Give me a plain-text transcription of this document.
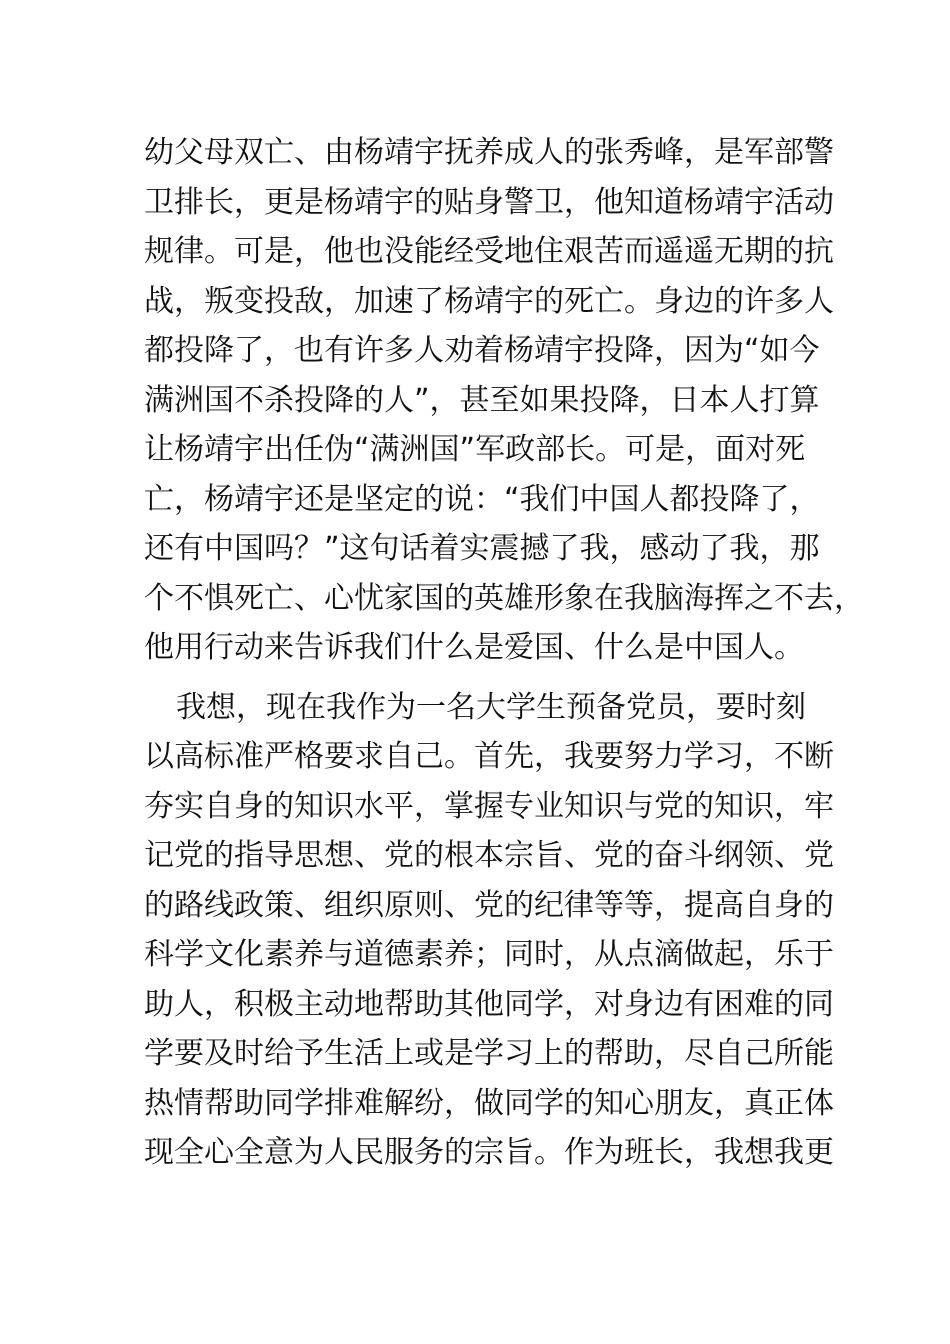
幼父母双亡、由杨靖宇抚养成人的张秀峰，是军部警
卫排长，更是杨靖宇的贴身警卫，他知道杨靖宇活动
规律。可是，他也没能经受地住艰苦而遥遥无期的抗
战，叛变投敌，加速了杨靖宇的死亡。身边的许多人
都投降了，也有许多人劝着杨靖宇投降，因为“如今
满洲国不杀投降的人”，甚至如果投降，日本人打算
让杨靖宇出任伪“满洲国”军政部长。可是，面对死
亡，杨靖宇还是坚定的说：“我们中国人都投降了，
还有中国吗？”这句话着实震撼了我，感动了我，那
个不惧死亡、心忧家国的英雄形象在我脑海挥之不去，
他用行动来告诉我们什么是爱国、什么是中国人。
我想，现在我作为一名大学生预备党员，要时刻
以高标准严格要求自己。首先，我要努力学习，不断
夯实自身的知识水平，掌握专业知识与党的知识，牢
记党的指导思想、党的根本宗旨、党的奋斗纲领、党
的路线政策、组织原则、党的纪律等等，提高自身的
科学文化素养与道德素养；同时，从点滴做起，乐于
助人，积极主动地帮助其他同学，对身边有困难的同
学要及时给予生活上或是学习上的帮助，尽自己所能
热情帮助同学排难解纷，做同学的知心朋友，真正体
现全心全意为人民服务的宗旨。作为班长，我想我更
